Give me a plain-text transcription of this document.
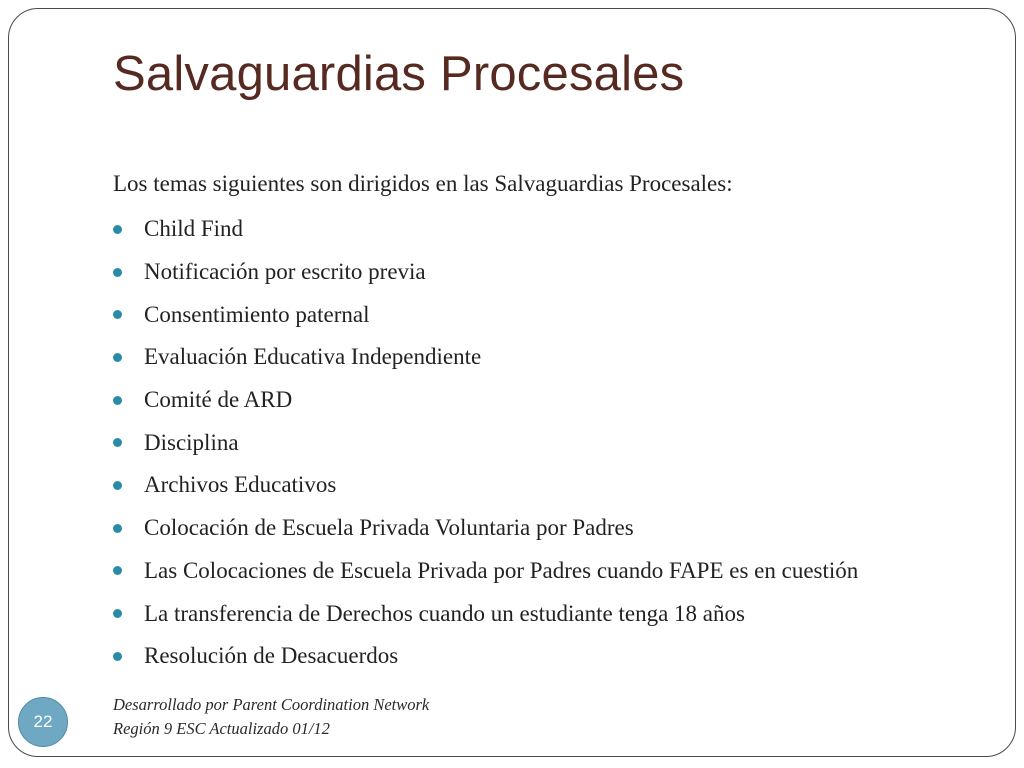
Salvaguardias Procesales
Los temas siguientes son dirigidos en las Salvaguardias Procesales:
Child Find
Notificación por escrito previa
Consentimiento paternal
Evaluación Educativa Independiente
Comité de ARD
Disciplina
Archivos Educativos
Colocación de Escuela Privada Voluntaria por Padres
Las Colocaciones de Escuela Privada por Padres cuando FAPE es en cuestión
La transferencia de Derechos cuando un estudiante tenga 18 años
Resolución de Desacuerdos
22
Desarrollado por Parent Coordination Network
Región 9 ESC Actualizado 01/12
